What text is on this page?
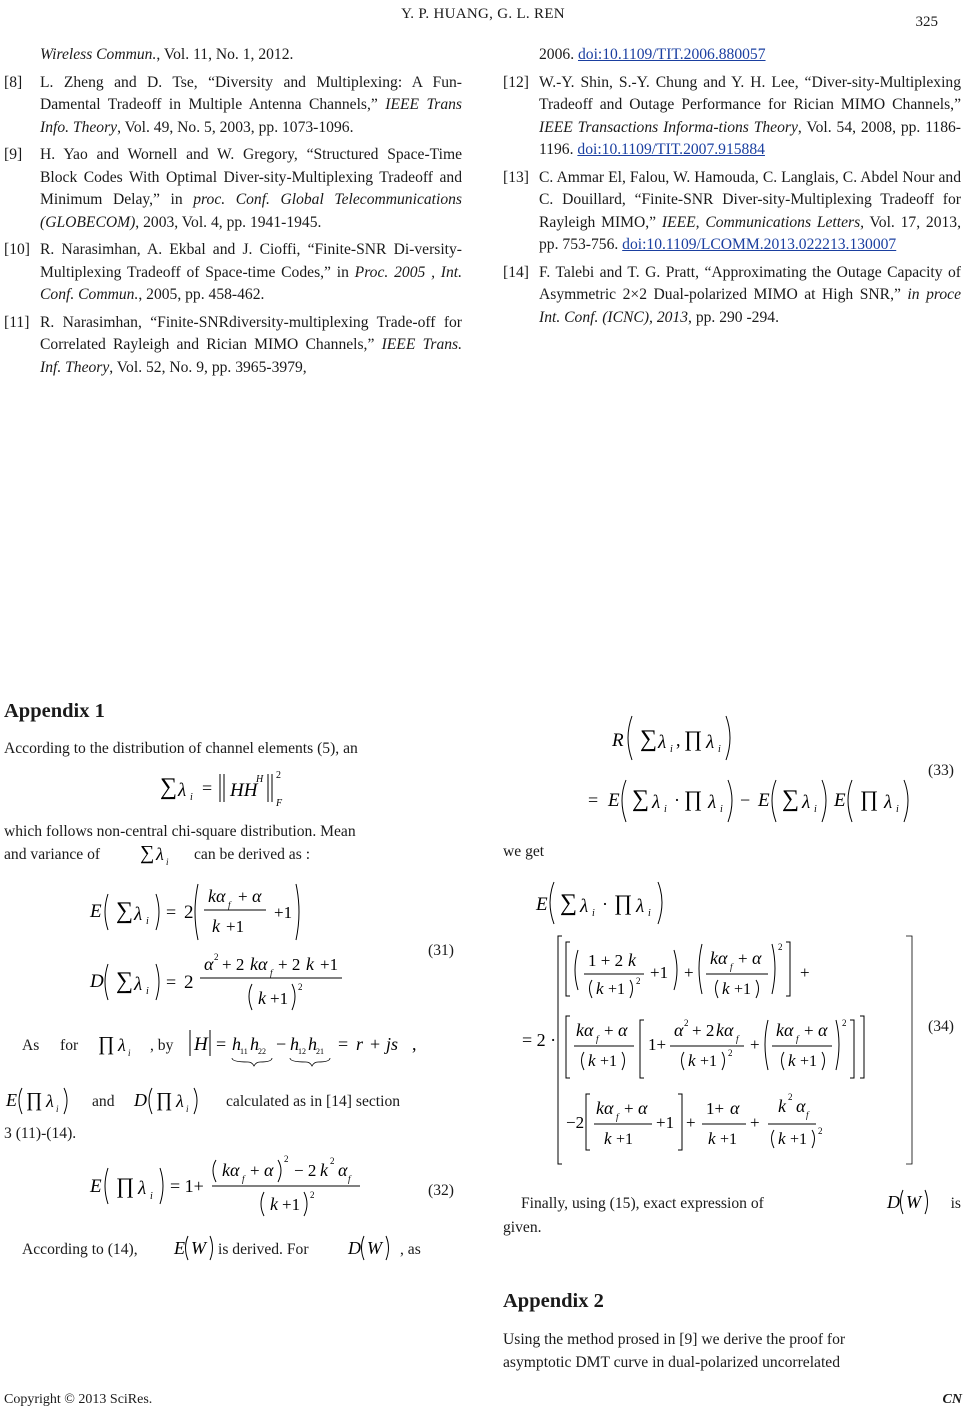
Y. P. HUANG, G. L. REN	325

Wireless Commun., Vol. 11, No. 1, 2012.

[8] L. Zheng and D. Tse, “Diversity and Multiplexing: A Fun-Damental Tradeoff in Multiple Antenna Channels,” IEEE Trans Info. Theory, Vol. 49, No. 5, 2003, pp. 1073-1096.

[9] H. Yao and Wornell and W. Gregory, “Structured Space-Time Block Codes With Optimal Diver-sity-Multiplexing Tradeoff and Minimum Delay,” in proc. Conf. Global Telecommunications (GLOBECOM), 2003, Vol. 4, pp. 1941-1945.

[10] R. Narasimhan, A. Ekbal and J. Cioffi, “Finite-SNR Di-versity-Multiplexing Tradeoff of Space-time Codes,” in Proc. 2005 , Int. Conf. Commun., 2005, pp. 458-462.

[11] R. Narasimhan, “Finite-SNRdiversity-multiplexing Trade-off for Correlated Rayleigh and Rician MIMO Channels,” IEEE Trans. Inf. Theory, Vol. 52, No. 9, pp. 3965-3979,

2006. doi:10.1109/TIT.2006.880057

[12] W.-Y. Shin, S.-Y. Chung and Y. H. Lee, “Diver-sity-Multiplexing Tradeoff and Outage Performance for Rician MIMO Channels,” IEEE Transactions Informa-tions Theory, Vol. 54, 2008, pp. 1186-1196. doi:10.1109/TIT.2007.915884

[13] C. Ammar El, Falou, W. Hamouda, C. Langlais, C. Abdel Nour and C. Douillard, “Finite-SNR Diver-sity-Multiplexing Tradeoff for Rayleigh MIMO,” IEEE, Communications Letters, Vol. 17, 2013, pp. 753-756. doi:10.1109/LCOMM.2013.022213.130007

[14] F. Talebi and T. G. Pratt, “Approximating the Outage Capacity of Asymmetric 2×2 Dual-polarized MIMO at High SNR,” in proce Int. Conf. (ICNC), 2013, pp. 290 -294.

Appendix 1
According to the distribution of channel elements (5), an
∑ λ i = HH
H 2
F
which follows non-central chi-square distribution. Mean
and variance of ∑ λ i can be derived as :
E ∑ λ i = 2
kα f + α
k +1
+1
D ∑ λ i = 2
α 2 + 2 kα f + 2 k +1
k +1
2
(31)
As for ∏ λ i , by H = h 11 h 22 − h 12 h 21 = r + js ,
E ∏ λ i and D ∏ λ i calculated as in [14] section
3 (11)-(14).
E ∏ λ i
= 1+
kα f + α
2
− 2 k 2 α f
k +1 2	(32)
According to (14), E W is derived. For D W , as
R ∑ λ i , ∏ λ i
= E ∑ λ i · ∏ λ i − E ∑ λ i E ∏ λ i
(33)
we get
E ∑ λ i · ∏ λ i
= 2 ·
1 + 2 k
k +1 2 +1 +
kα f + α
k +1
2
+
kα f + α
k +1
1+
α 2 + 2 kα f
k +1 2 +
kα f + α
k +1
2
−2
kα f + α
k +1
+1 +
1+ α
k +1
+
k 2 α f
k +1 2
(34)
Finally, using (15), exact expression of	D W is
given.
Appendix 2
Using the method prosed in [9] we derive the proof for
asymptotic DMT curve in dual-polarized uncorrelated
Copyright © 2013 SciRes.	CN
